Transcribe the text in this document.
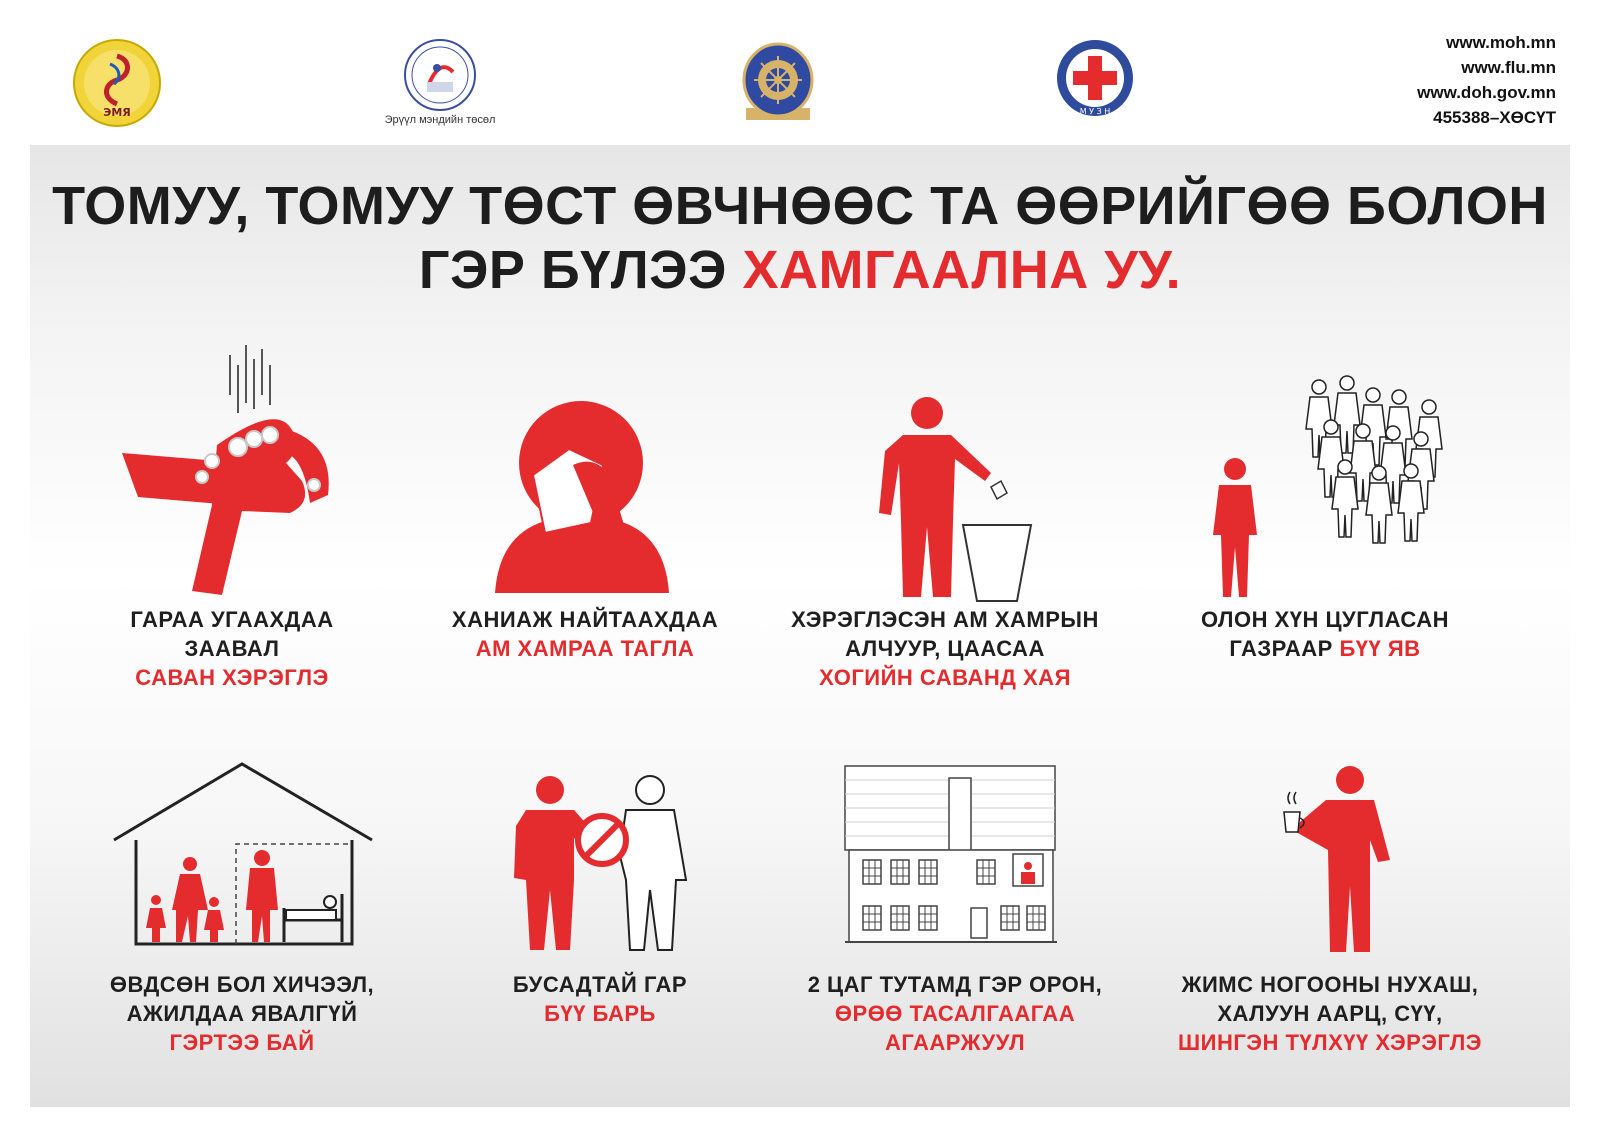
ЭМЯ
Эрүүл мэндийн төсөл
М У З Н
www.moh.mn
www.flu.mn
www.doh.gov.mn
455388–ХӨСҮТ
ТОМУУ, ТОМУУ ТӨСТ ӨВЧНӨӨС ТА ӨӨРИЙГӨӨ БОЛОН
ГЭР БҮЛЭЭ ХАМГААЛНА УУ.
ГАРАА УГААХДАА
ЗААВАЛ
САВАН ХЭРЭГЛЭ
ХАНИАЖ НАЙТААХДАА
АМ ХАМРАА ТАГЛА
ХЭРЭГЛЭСЭН АМ ХАМРЫН
АЛЧУУР, ЦААСАА
ХОГИЙН САВАНД ХАЯ
ОЛОН ХҮН ЦУГЛАСАН
ГАЗРААР БҮҮ ЯВ
ӨВДСӨН БОЛ ХИЧЭЭЛ,
АЖИЛДАА ЯВАЛГҮЙ
ГЭРТЭЭ БАЙ
БУСАДТАЙ ГАР
БҮҮ БАРЬ
2 ЦАГ ТУТАМД ГЭР ОРОН,
ӨРӨӨ ТАСАЛГААГАА
АГААРЖУУЛ
ЖИМС НОГООНЫ НУХАШ,
ХАЛУУН ААРЦ, СҮҮ,
ШИНГЭН ТҮЛХҮҮ ХЭРЭГЛЭ
